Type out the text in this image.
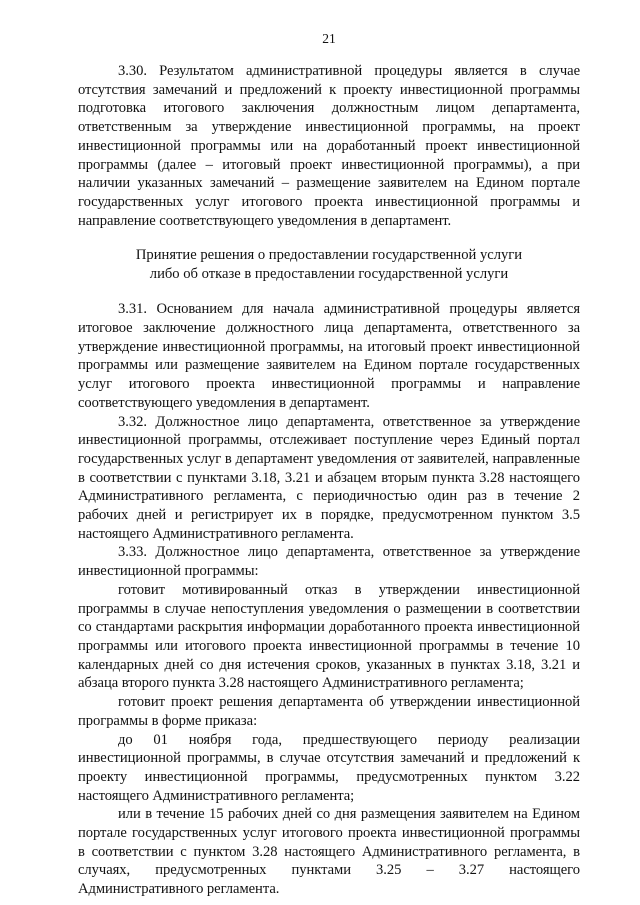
21

3.30. Результатом административной процедуры является в случае отсутствия замечаний и предложений к проекту инвестиционной программы подготовка итогового заключения должностным лицом департамента, ответственным за утверждение инвестиционной программы, на проект инвестиционной программы или на доработанный проект инвестиционной программы (далее – итоговый проект инвестиционной программы), а при наличии указанных замечаний – размещение заявителем на Едином портале государственных услуг итогового проекта инвестиционной программы и направление соответствующего уведомления в департамент.

Принятие решения о предоставлении государственной услуги
либо об отказе в предоставлении государственной услуги

3.31. Основанием для начала административной процедуры является итоговое заключение должностного лица департамента, ответственного за утверждение инвестиционной программы, на итоговый проект инвестиционной программы или размещение заявителем на Едином портале государственных услуг итогового проекта инвестиционной программы и направление соответствующего уведомления в департамент.

3.32. Должностное лицо департамента, ответственное за утверждение инвестиционной программы, отслеживает поступление через Единый портал государственных услуг в департамент уведомления от заявителей, направленные в соответствии с пунктами 3.18, 3.21 и абзацем вторым пункта 3.28 настоящего Административного регламента, с периодичностью один раз в течение 2 рабочих дней и регистрирует их в порядке, предусмотренном пунктом 3.5 настоящего Административного регламента.

3.33. Должностное лицо департамента, ответственное за утверждение инвестиционной программы:

готовит мотивированный отказ в утверждении инвестиционной программы в случае непоступления уведомления о размещении в соответствии со стандартами раскрытия информации доработанного проекта инвестиционной программы или итогового проекта инвестиционной программы в течение 10 календарных дней со дня истечения сроков, указанных в пунктах 3.18, 3.21 и абзаца второго пункта 3.28 настоящего Административного регламента;

готовит проект решения департамента об утверждении инвестиционной программы в форме приказа:

до 01 ноября года, предшествующего периоду реализации инвестиционной программы, в случае отсутствия замечаний и предложений к проекту инвестиционной программы, предусмотренных пунктом 3.22 настоящего Административного регламента;

или в течение 15 рабочих дней со дня размещения заявителем на Едином портале государственных услуг итогового проекта инвестиционной программы в соответствии с пунктом 3.28 настоящего Административного регламента, в случаях, предусмотренных пунктами 3.25 – 3.27 настоящего Административного регламента.
